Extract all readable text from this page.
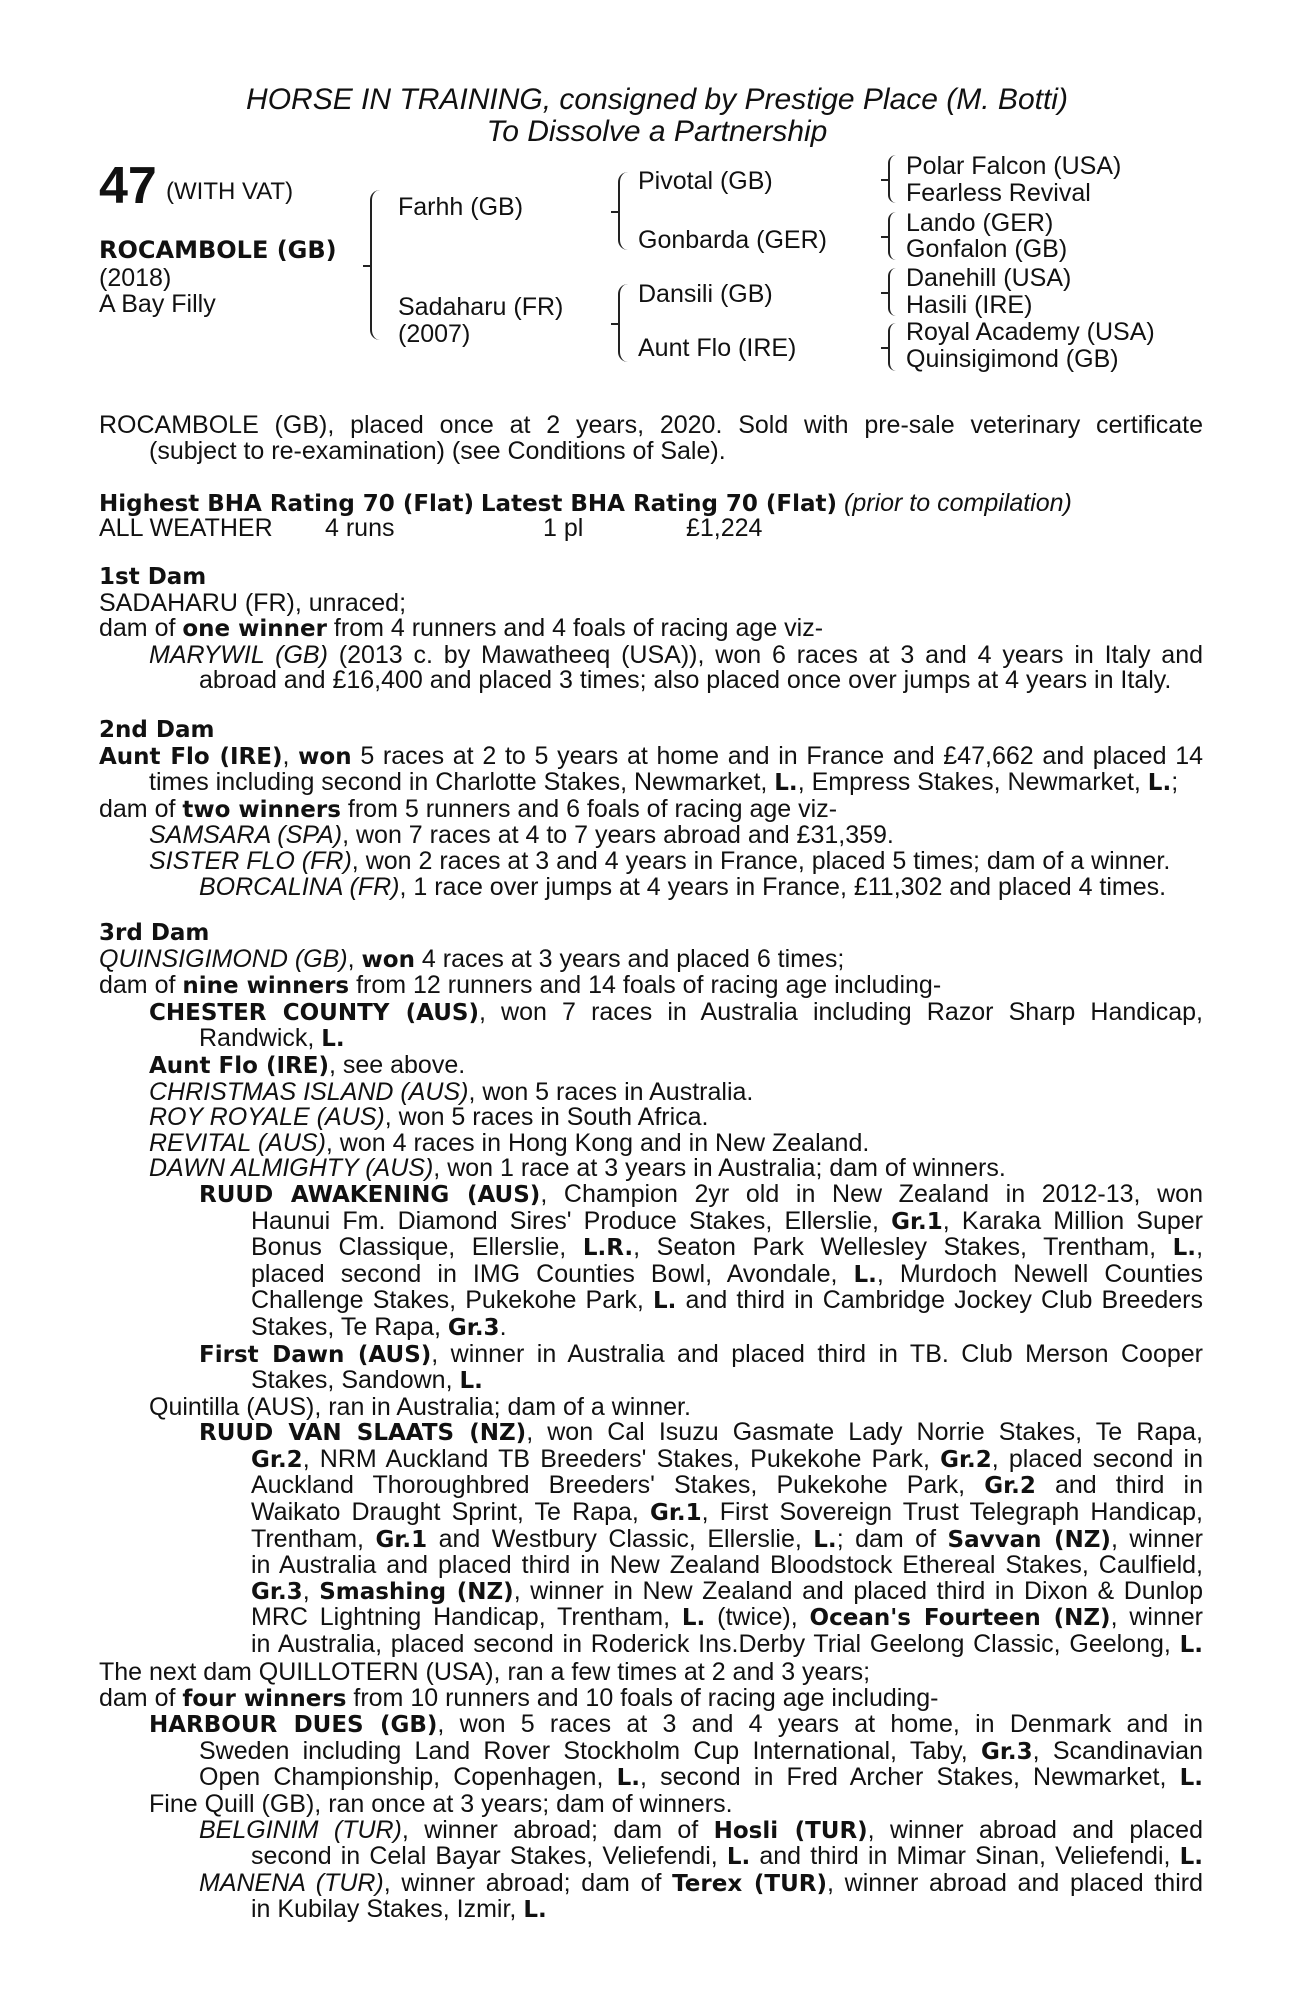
HORSE IN TRAINING, consigned by Prestige Place (M. Botti)
To Dissolve a Partnership
47 (WITH VAT)
ROCAMBOLE (GB)
(2018)
A Bay Filly
Farhh (GB)
Sadaharu (FR)
(2007)
Pivotal (GB)
Gonbarda (GER)
Dansili (GB)
Aunt Flo (IRE)
Polar Falcon (USA)
Fearless Revival
Lando (GER)
Gonfalon (GB)
Danehill (USA)
Hasili (IRE)
Royal Academy (USA)
Quinsigimond (GB)
ROCAMBOLE (GB), placed once at 2 years, 2020. Sold with pre-sale veterinary certificate
(subject to re-examination) (see Conditions of Sale).
Highest BHA Rating 70 (Flat) Latest BHA Rating 70 (Flat) (prior to compilation)
ALL WEATHER 4 runs	1 pl	£1,224
1st Dam
SADAHARU (FR), unraced;
dam of one winner from 4 runners and 4 foals of racing age viz-
MARYWIL (GB) (2013 c. by Mawatheeq (USA)), won 6 races at 3 and 4 years in Italy and
abroad and £16,400 and placed 3 times; also placed once over jumps at 4 years in Italy.
2nd Dam
Aunt Flo (IRE), won 5 races at 2 to 5 years at home and in France and £47,662 and placed 14
times including second in Charlotte Stakes, Newmarket, L., Empress Stakes, Newmarket, L.;
dam of two winners from 5 runners and 6 foals of racing age viz-
SAMSARA (SPA), won 7 races at 4 to 7 years abroad and £31,359.
SISTER FLO (FR), won 2 races at 3 and 4 years in France, placed 5 times; dam of a winner.
BORCALINA (FR), 1 race over jumps at 4 years in France, £11,302 and placed 4 times.
3rd Dam
QUINSIGIMOND (GB), won 4 races at 3 years and placed 6 times;
dam of nine winners from 12 runners and 14 foals of racing age including-
CHESTER COUNTY (AUS), won 7 races in Australia including Razor Sharp Handicap,
Randwick, L.
Aunt Flo (IRE), see above.
CHRISTMAS ISLAND (AUS), won 5 races in Australia.
ROY ROYALE (AUS), won 5 races in South Africa.
REVITAL (AUS), won 4 races in Hong Kong and in New Zealand.
DAWN ALMIGHTY (AUS), won 1 race at 3 years in Australia; dam of winners.
RUUD AWAKENING (AUS), Champion 2yr old in New Zealand in 2012-13, won
Haunui Fm. Diamond Sires' Produce Stakes, Ellerslie, Gr.1, Karaka Million Super
Bonus Classique, Ellerslie, L.R., Seaton Park Wellesley Stakes, Trentham, L.,
placed second in IMG Counties Bowl, Avondale, L., Murdoch Newell Counties
Challenge Stakes, Pukekohe Park, L. and third in Cambridge Jockey Club Breeders
Stakes, Te Rapa, Gr.3.
First Dawn (AUS), winner in Australia and placed third in TB. Club Merson Cooper
Stakes, Sandown, L.
Quintilla (AUS), ran in Australia; dam of a winner.
RUUD VAN SLAATS (NZ), won Cal Isuzu Gasmate Lady Norrie Stakes, Te Rapa,
Gr.2, NRM Auckland TB Breeders' Stakes, Pukekohe Park, Gr.2, placed second in
Auckland Thoroughbred Breeders' Stakes, Pukekohe Park, Gr.2 and third in
Waikato Draught Sprint, Te Rapa, Gr.1, First Sovereign Trust Telegraph Handicap,
Trentham, Gr.1 and Westbury Classic, Ellerslie, L.; dam of Savvan (NZ), winner
in Australia and placed third in New Zealand Bloodstock Ethereal Stakes, Caulfield,
Gr.3, Smashing (NZ), winner in New Zealand and placed third in Dixon & Dunlop
MRC Lightning Handicap, Trentham, L. (twice), Ocean's Fourteen (NZ), winner
in Australia, placed second in Roderick Ins.Derby Trial Geelong Classic, Geelong, L.
The next dam QUILLOTERN (USA), ran a few times at 2 and 3 years;
dam of four winners from 10 runners and 10 foals of racing age including-
HARBOUR DUES (GB), won 5 races at 3 and 4 years at home, in Denmark and in
Sweden including Land Rover Stockholm Cup International, Taby, Gr.3, Scandinavian
Open Championship, Copenhagen, L., second in Fred Archer Stakes, Newmarket, L.
Fine Quill (GB), ran once at 3 years; dam of winners.
BELGINIM (TUR), winner abroad; dam of Hosli (TUR), winner abroad and placed
second in Celal Bayar Stakes, Veliefendi, L. and third in Mimar Sinan, Veliefendi, L.
MANENA (TUR), winner abroad; dam of Terex (TUR), winner abroad and placed third
in Kubilay Stakes, Izmir, L.
